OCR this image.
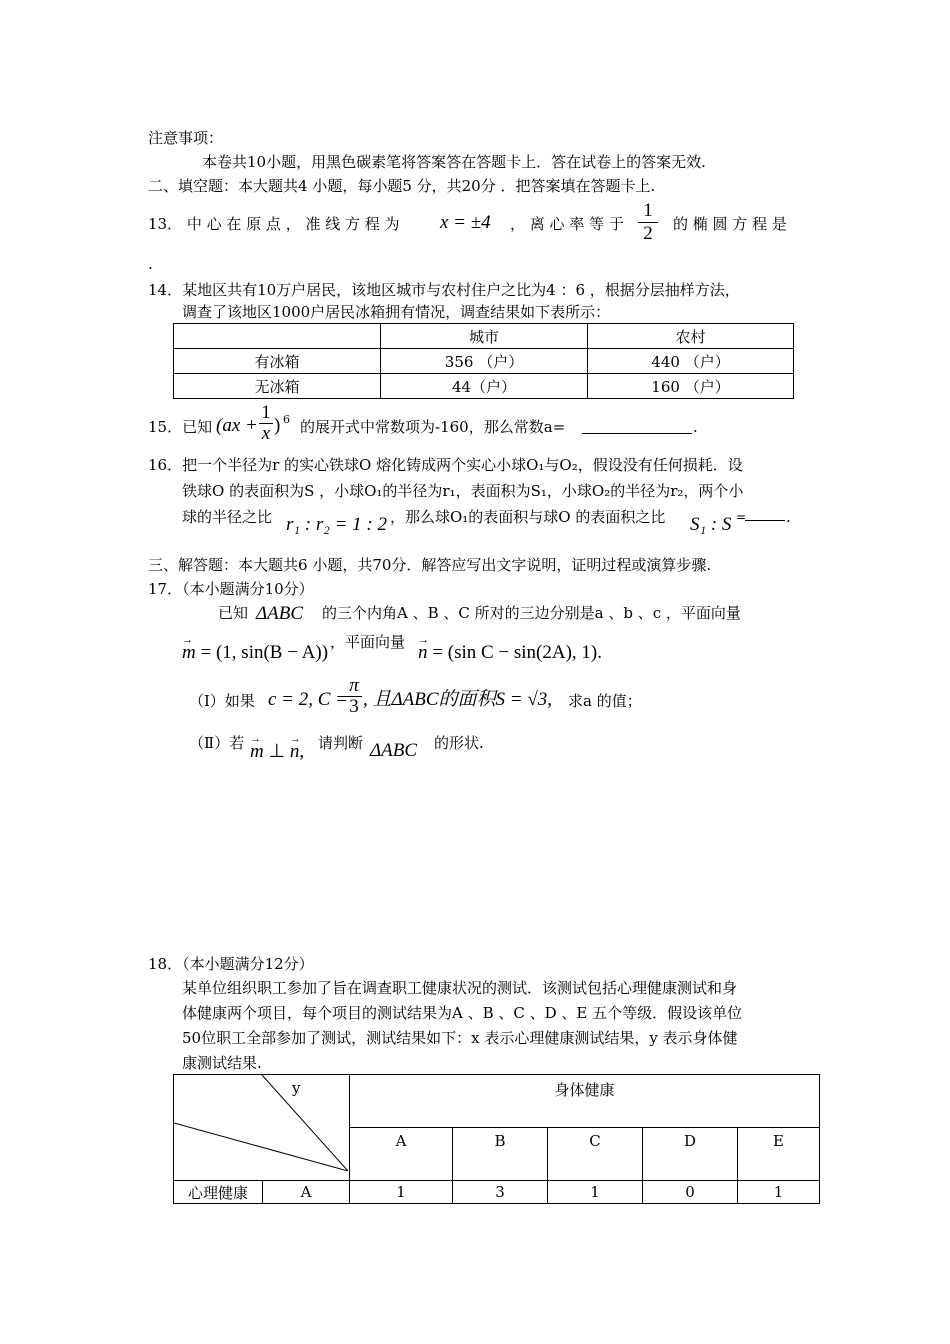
注意事项：
本卷共10小题，用黑色碳素笔将答案答在答题卡上．答在试卷上的答案无效.
二、填空题：本大题共4 小题，每小题5 分，共20分 ．把答案填在答题卡上.
13． 中 心 在 原 点 ， 准 线 方 程 为 x = ±4 ， 离 心 率 等 于 $\frac{1}{2}$ 的 椭 圆 方 程 是
.
14．某地区共有10万户居民，该地区城市与农村住户之比为4 ：6 ，根据分层抽样方法，
调查了该地区1000户居民冰箱拥有情况，调查结果如下表所示：
	城市	农村
有冰箱	356 （户）	440 （户）
无冰箱	44（户）	160 （户）
15．已知 ($ax + \frac{1}{x}$ ) 6 的展开式中常数项为-160，那么常数a=	.
16．把一个半径为r 的实心铁球O 熔化铸成两个实心小球O₁与O₂，假设没有任何损耗．设
铁球O 的表面积为S ，小球O₁的半径为r₁，表面积为S₁，小球O₂的半径为r₂，两个小
球的半径之比 r₁ : r₂ = 1 : 2 ，那么球O₁的表面积与球O 的表面积之比 S₁ : S =	.
三、解答题：本大题共6 小题，共70分．解答应写出文字说明，证明过程或演算步骤.
17．（本小题满分10分）
已知 ΔABC 的三个内角A 、B 、C 所对的三边分别是a 、b 、c ，平面向量
→ m = (1, sin(B − A)) ，平面向量 → n = (sin C − sin(2A), 1).
（Ⅰ）如果 c = 2, C =
$\frac{\pi}{3}$ , 且ΔABC的面积S = √3, 求a 的值；
（Ⅱ）若 → m ⊥ → n, 请判断 ΔABC 的形状.
18．（本小题满分12分）
某单位组织职工参加了旨在调查职工健康状况的测试．该测试包括心理健康测试和身
体健康两个项目，每个项目的测试结果为A 、B 、C 、D 、E 五个等级．假设该单位
50位职工全部参加了测试，测试结果如下：x 表示心理健康测试结果，y 表示身体健
康测试结果.
y		身体健康				
		A	B	C	D	E
心理健康	A	1	3	1	0	1
